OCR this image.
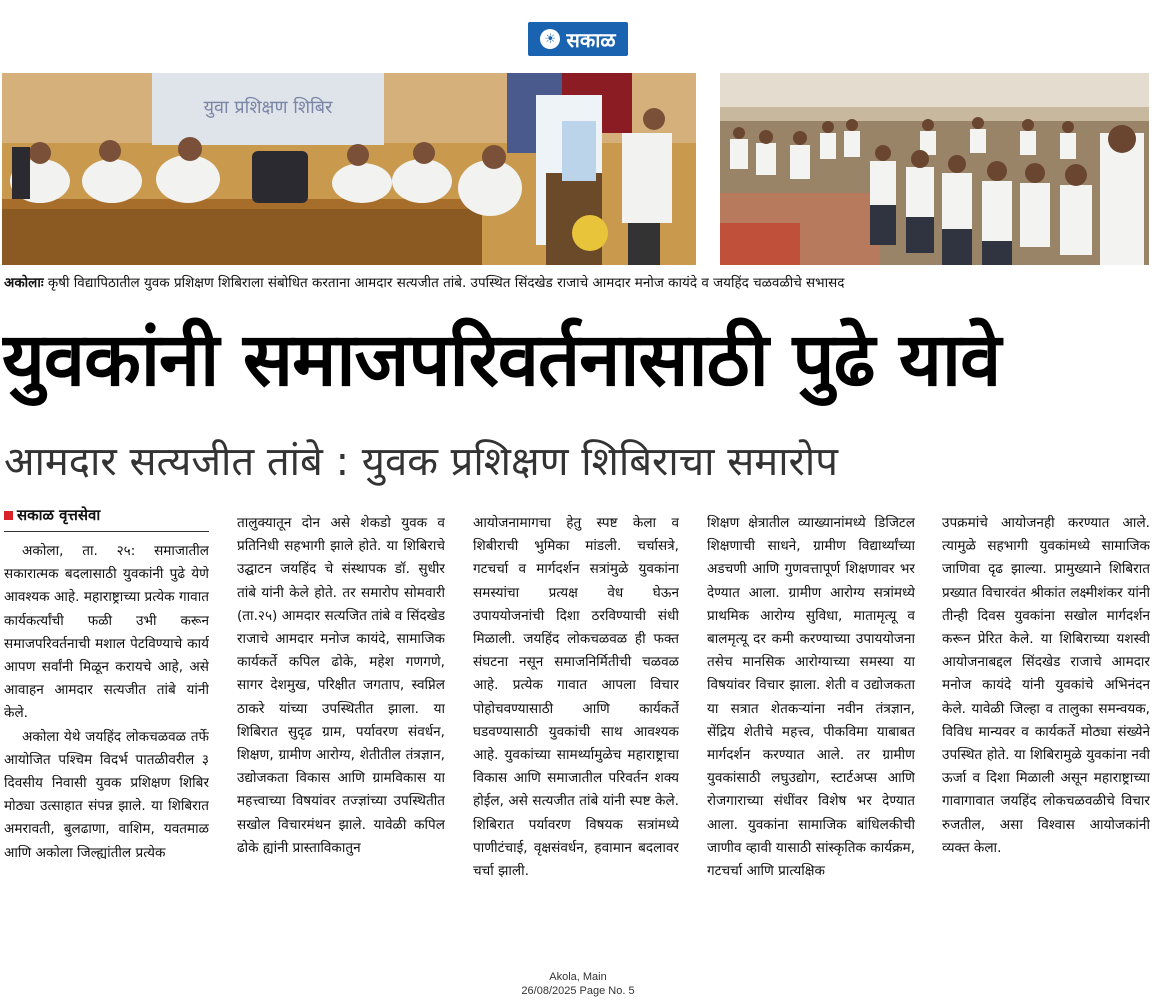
☀ सकाळ
युवा प्रशिक्षण शिबिर
अकोलाः कृषी विद्यापिठातील युवक प्रशिक्षण शिबिराला संबोधित करताना आमदार सत्यजीत तांबे. उपस्थित सिंदखेड राजाचे आमदार मनोज कायंदे व जयहिंद चळवळीचे सभासद
युवकांनी समाजपरिवर्तनासाठी पुढे यावे
आमदार सत्यजीत तांबे : युवक प्रशिक्षण शिबिराचा समारोप
सकाळ वृत्तसेवा

अकोला, ता. २५: समाजातील सकारात्मक बदलासाठी युवकांनी पुढे येणे आवश्यक आहे. महाराष्ट्राच्या प्रत्येक गावात कार्यकर्त्यांची फळी उभी करून समाजपरिवर्तनाची मशाल पेटविण्याचे कार्य आपण सर्वांनी मिळून करायचे आहे, असे आवाहन आमदार सत्यजीत तांबे यांनी केले.

अकोला येथे जयहिंद लोकचळवळ तर्फे आयोजित पश्चिम विदर्भ पातळीवरील ३ दिवसीय निवासी युवक प्रशिक्षण शिबिर मोठ्या उत्साहात संपन्न झाले. या शिबिरात अमरावती, बुलढाणा, वाशिम, यवतमाळ आणि अकोला जिल्ह्यांतील प्रत्येक

तालुक्यातून दोन असे शेकडो युवक व प्रतिनिधी सहभागी झाले होते. या शिबिराचे उद्घाटन जयहिंद चे संस्थापक डॉ. सुधीर तांबे यांनी केले होते. तर समारोप सोमवारी (ता.२५) आमदार सत्यजित तांबे व सिंदखेड राजाचे आमदार मनोज कायंदे, सामाजिक कार्यकर्ते कपिल ढोके, महेश गणगणे, सागर देशमुख, परिक्षीत जगताप, स्वप्निल ठाकरे यांच्या उपस्थितीत झाला. या शिबिरात सुदृढ ग्राम, पर्यावरण संवर्धन, शिक्षण, ग्रामीण आरोग्य, शेतीतील तंत्रज्ञान, उद्योजकता विकास आणि ग्रामविकास या महत्त्वाच्या विषयांवर तज्ज्ञांच्या उपस्थितीत सखोल विचारमंथन झाले. यावेळी कपिल ढोके ह्यांनी प्रास्ताविकातुन

आयोजनामागचा हेतु स्पष्ट केला व शिबीराची भुमिका मांडली. चर्चासत्रे, गटचर्चा व मार्गदर्शन सत्रांमुळे युवकांना समस्यांचा प्रत्यक्ष वेध घेऊन उपाययोजनांची दिशा ठरविण्याची संधी मिळाली. जयहिंद लोकचळवळ ही फक्त संघटना नसून समाजनिर्मितीची चळवळ आहे. प्रत्येक गावात आपला विचार पोहोचवण्यासाठी आणि कार्यकर्ते घडवण्यासाठी युवकांची साथ आवश्यक आहे. युवकांच्या सामर्थ्यामुळेच महाराष्ट्राचा विकास आणि समाजातील परिवर्तन शक्य होईल, असे सत्यजीत तांबे यांनी स्पष्ट केले. शिबिरात पर्यावरण विषयक सत्रांमध्ये पाणीटंचाई, वृक्षसंवर्धन, हवामान बदलावर चर्चा झाली.

शिक्षण क्षेत्रातील व्याख्यानांमध्ये डिजिटल शिक्षणाची साधने, ग्रामीण विद्यार्थ्यांच्या अडचणी आणि गुणवत्तापूर्ण शिक्षणावर भर देण्यात आला. ग्रामीण आरोग्य सत्रांमध्ये प्राथमिक आरोग्य सुविधा, मातामृत्यू व बालमृत्यू दर कमी करण्याच्या उपाययोजना तसेच मानसिक आरोग्याच्या समस्या या विषयांवर विचार झाला. शेती व उद्योजकता या सत्रात शेतकऱ्यांना नवीन तंत्रज्ञान, सेंद्रिय शेतीचे महत्त्व, पीकविमा याबाबत मार्गदर्शन करण्यात आले. तर ग्रामीण युवकांसाठी लघुउद्योग, स्टार्टअप्स आणि रोजगाराच्या संधींवर विशेष भर देण्यात आला. युवकांना सामाजिक बांधिलकीची जाणीव व्हावी यासाठी सांस्कृतिक कार्यक्रम, गटचर्चा आणि प्रात्यक्षिक

उपक्रमांचे आयोजनही करण्यात आले. त्यामुळे सहभागी युवकांमध्ये सामाजिक जाणिवा दृढ झाल्या. प्रामुख्याने शिबिरात प्रख्यात विचारवंत श्रीकांत लक्ष्मीशंकर यांनी तीन्ही दिवस युवकांना सखोल मार्गदर्शन करून प्रेरित केले. या शिबिराच्या यशस्वी आयोजनाबद्दल सिंदखेड राजाचे आमदार मनोज कायंदे यांनी युवकांचे अभिनंदन केले. यावेळी जिल्हा व तालुका समन्वयक, विविध मान्यवर व कार्यकर्ते मोठ्या संख्येने उपस्थित होते. या शिबिरामुळे युवकांना नवी ऊर्जा व दिशा मिळाली असून महाराष्ट्राच्या गावागावात जयहिंद लोकचळवळीचे विचार रुजतील, असा विश्वास आयोजकांनी व्यक्त केला.

Akola, Main
26/08/2025 Page No. 5
